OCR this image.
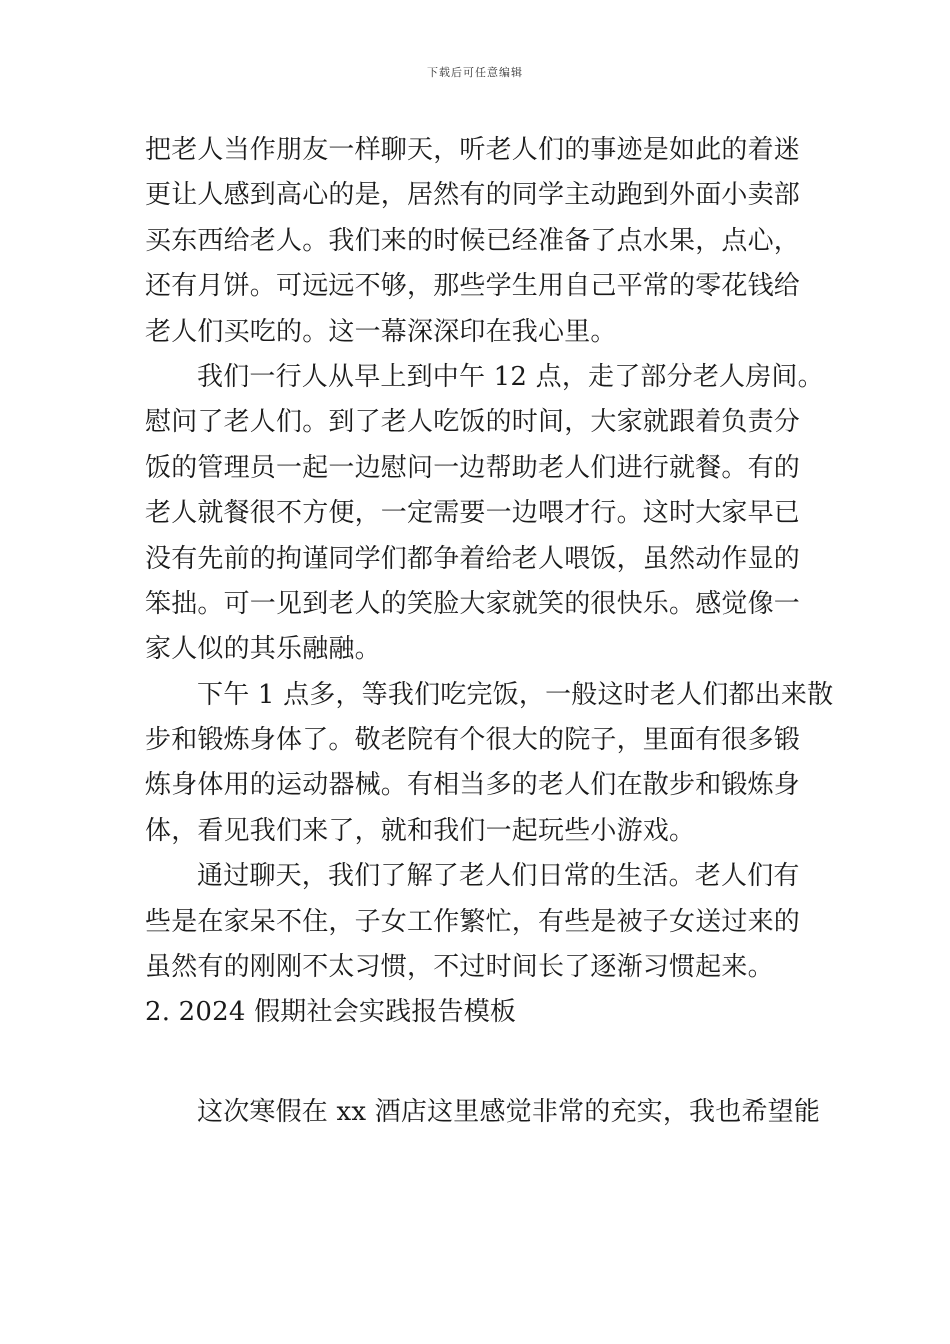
下载后可任意编辑
把老人当作朋友一样聊天，听老人们的事迹是如此的着迷
更让人感到高心的是，居然有的同学主动跑到外面小卖部
买东西给老人。我们来的时候已经准备了点水果，点心，
还有月饼。可远远不够，那些学生用自己平常的零花钱给
老人们买吃的。这一幕深深印在我心里。
我们一行人从早上到中午 12 点，走了部分老人房间。
慰问了老人们。到了老人吃饭的时间，大家就跟着负责分
饭的管理员一起一边慰问一边帮助老人们进行就餐。有的
老人就餐很不方便，一定需要一边喂才行。这时大家早已
没有先前的拘谨同学们都争着给老人喂饭，虽然动作显的
笨拙。可一见到老人的笑脸大家就笑的很快乐。感觉像一
家人似的其乐融融。
下午 1 点多，等我们吃完饭，一般这时老人们都出来散
步和锻炼身体了。敬老院有个很大的院子，里面有很多锻
炼身体用的运动器械。有相当多的老人们在散步和锻炼身
体，看见我们来了，就和我们一起玩些小游戏。
通过聊天，我们了解了老人们日常的生活。老人们有
些是在家呆不住，子女工作繁忙，有些是被子女送过来的
虽然有的刚刚不太习惯，不过时间长了逐渐习惯起来。
2. 2024 假期社会实践报告模板
这次寒假在 xx 酒店这里感觉非常的充实，我也希望能
